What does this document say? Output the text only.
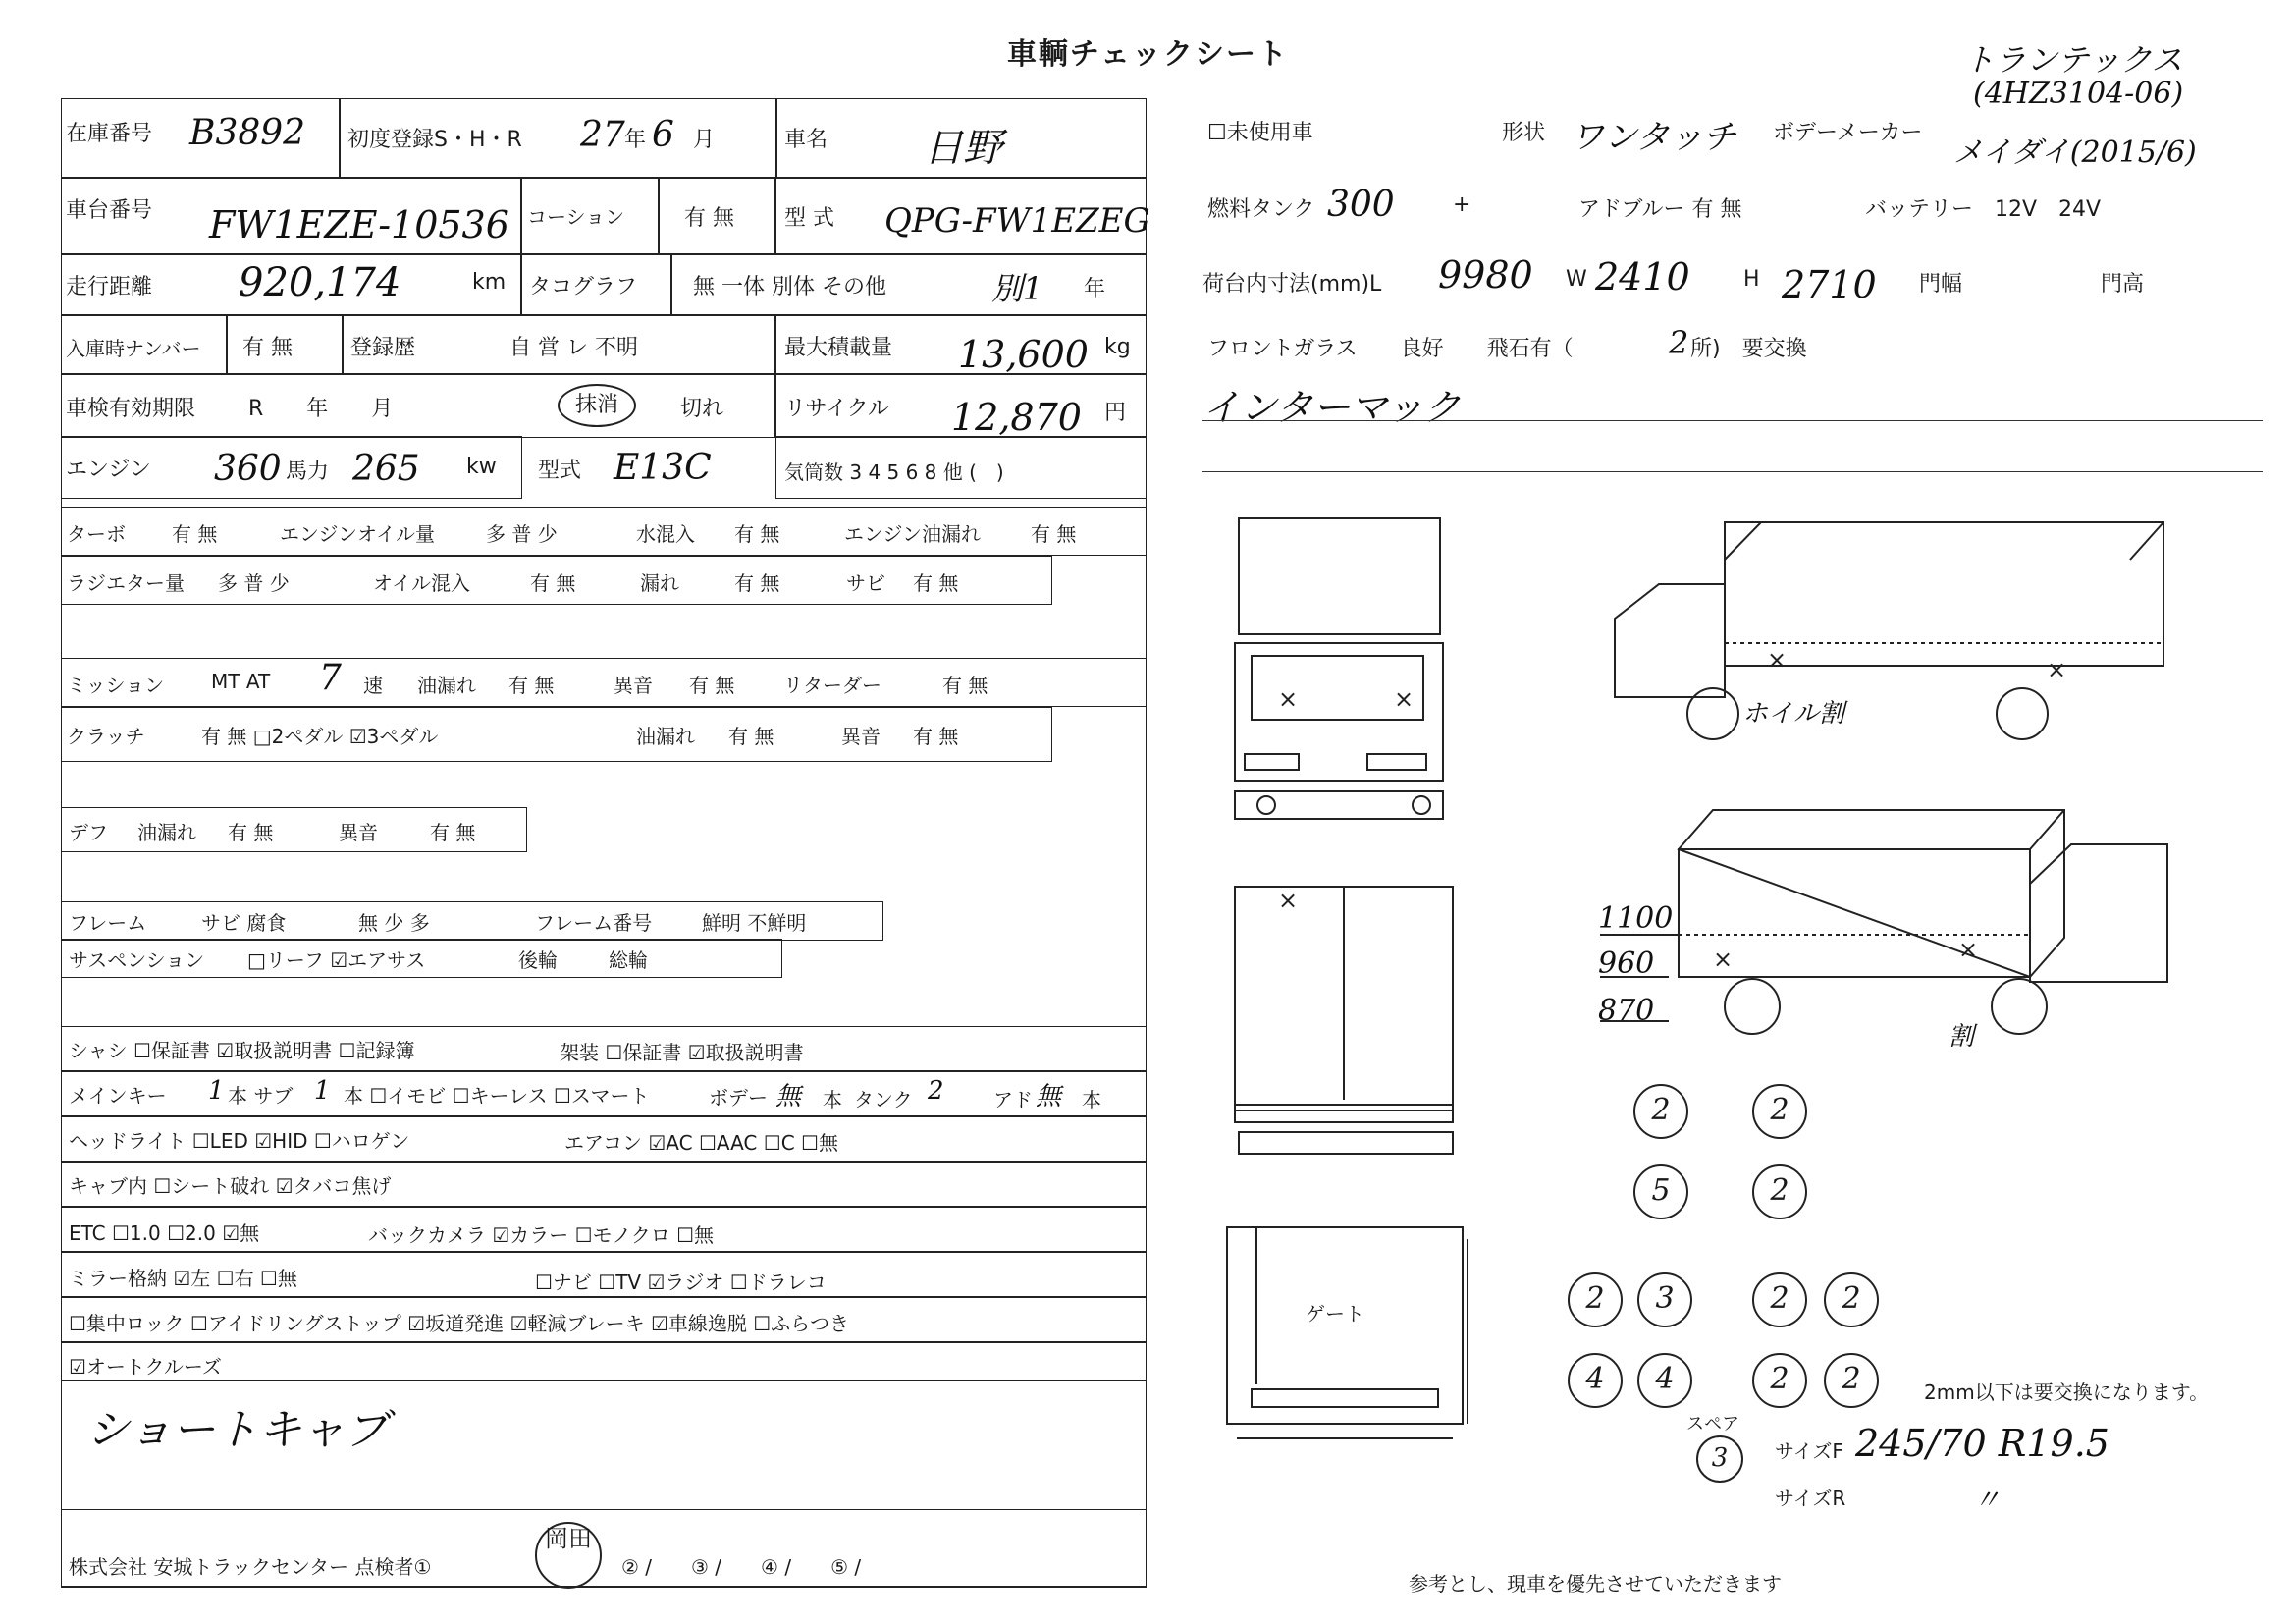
車輌チェックシート	トランテックス
(4HZ3104-06)
メイダイ(2015/6)
在庫番号 B3892 初度登録S・H・R 27 年 6 月	車名 日野
車台番号 FW1EZE-10536 コーション	有 無 型 式 QPG-FW1EZEG
走行距離 920,174	km タコグラフ	無 一体 別体 その他	別1 年
入庫時ナンバー 有 無	登録歴	自 営 レ 不明	最大積載量 13,600 kg
車検有効期限 R　　年　　月	抹消	切れ	リサイクル 12,870 円
エンジン 360 馬力 265 kw 型式 E13C	気筒数 3 4 5 6 8 他 (　)
ターボ 有 無	エンジンオイル量	多 普 少	水混入 有 無	エンジン油漏れ	有 無
ラジエター量 多 普 少	オイル混入	有 無	漏れ	有 無	サビ 有 無
ミッション MT AT 7 速 油漏れ 有 無	異音 有 無 リターダー	有 無
クラッチ	有 無 □2ペダル ☑3ペダル	油漏れ 有 無	異音 有 無
デフ 油漏れ 有 無	異音	有 無
フレーム	サビ 腐食	無 少 多	フレーム番号	鮮明 不鮮明
サスペンション □リーフ ☑エアサス	後輪	総輪
シャシ ☐保証書 ☑取扱説明書 ☐記録簿	架装 ☐保証書 ☑取扱説明書
メインキー 1 本 サブ 1 本 ☐イモビ ☐キーレス ☐スマート	ボデー 無 本 タンク 2	アド 無 本
ヘッドライト ☐LED ☑HID ☐ハロゲン	エアコン ☑AC ☐AAC ☐C ☐無
キャブ内 ☐シート破れ ☑タバコ焦げ
ETC ☐1.0 ☐2.0 ☑無	バックカメラ ☑カラー ☐モノクロ ☐無
ミラー格納 ☑左 ☐右 ☐無	☐ナビ ☐TV ☑ラジオ ☐ドラレコ
☐集中ロック ☐アイドリングストップ ☑坂道発進 ☑軽減ブレーキ ☑車線逸脱 ☐ふらつき
☑オートクルーズ
ショートキャブ
株式会社 安城トラックセンター 点検者①
岡田
② /　　③ /　　④ /　　⑤ /
☐未使用車	形状 ワンタッチ ボデーメーカー
燃料タンク 300	+	アドブルー 有 無	バッテリー　12V　24V
荷台内寸法(mm)L 9980 W 2410 H 2710 門幅	門高
フロントガラス　　良好　　飛石有（	2 所)　要交換
インターマック
×	×
×	×
×
×	×
ゲート
1100
960
870
ホイル割
割
2	2
5	2
2	3	2	2
4	4	2	2	2mm以下は要交換になります。
スペア
3	サイズF 245/70 R19.5
サイズR	〃
参考とし、現車を優先させていただきます
